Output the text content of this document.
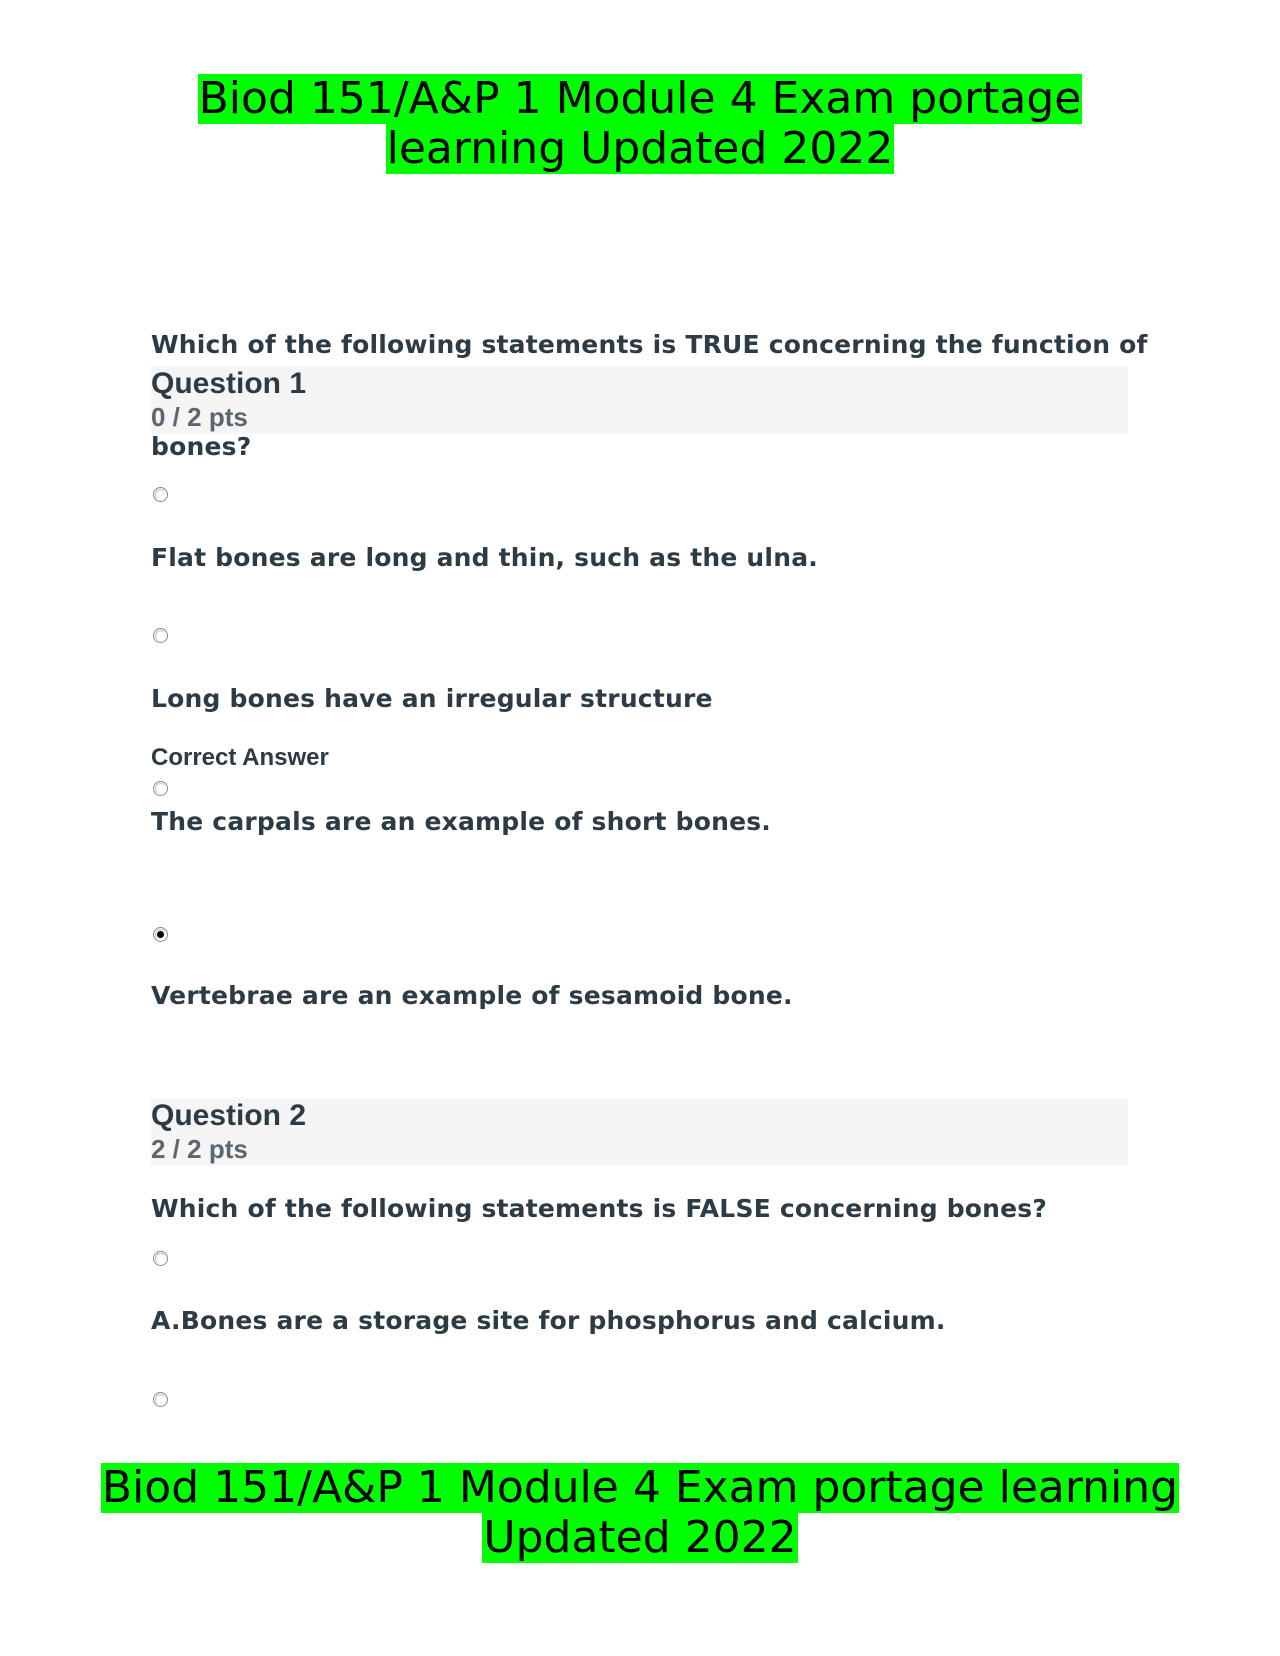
Biod 151/A&P 1 Module 4 Exam portage
learning Updated 2022
Which of the following statements is TRUE concerning the function of
Question 1
0 / 2 pts
bones?
Flat bones are long and thin, such as the ulna.
Long bones have an irregular structure
Correct Answer
The carpals are an example of short bones.
Vertebrae are an example of sesamoid bone.
Question 2
2 / 2 pts
Which of the following statements is FALSE concerning bones?
A.Bones are a storage site for phosphorus and calcium.
Biod 151/A&P 1 Module 4 Exam portage learning
Updated 2022
